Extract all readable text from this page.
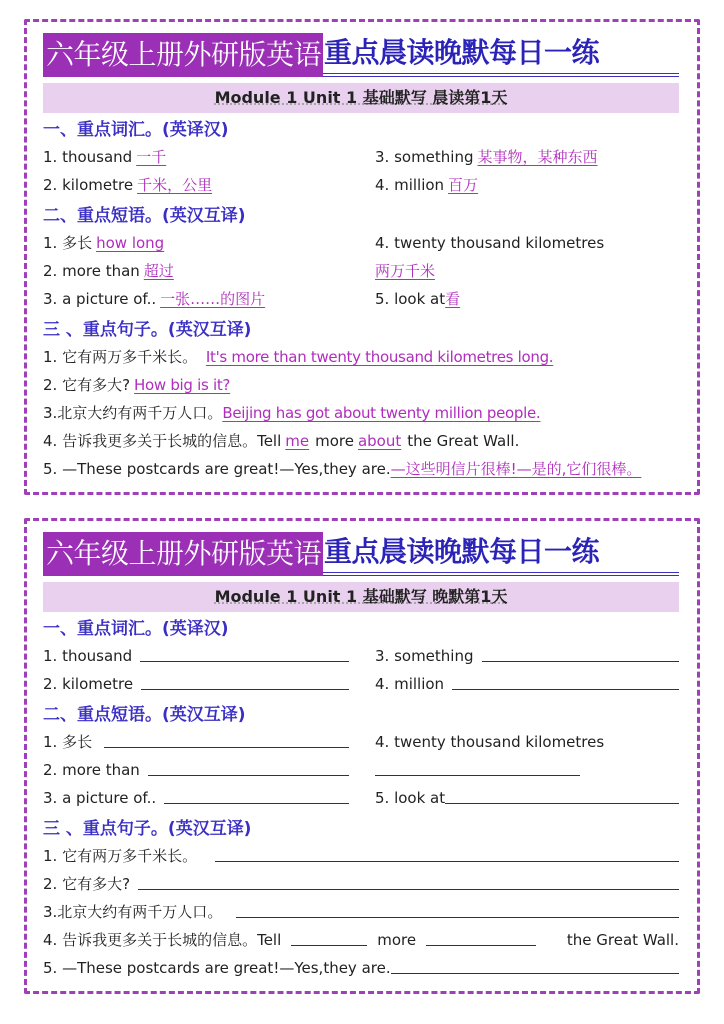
六年级上册外研版英语 重点晨读晚默每日一练
Module 1 Unit 1 基础默写 晨读第1天
一、重点词汇。(英译汉)
1. thousand 一千	3. something 某事物，某种东西
2. kilometre 千米，公里	4. million 百万
二、重点短语。(英汉互译)
1. 多长 how long	4. twenty thousand kilometres
2. more than 超过	两万千米
3. a picture of.. 一张……的图片	5. look at看
三 、重点句子。(英汉互译)
1. 它有两万多千米长。
It's more than twenty thousand kilometres long.
2. 它有多大? How big is it?
3.北京大约有两千万人口。 Beijing has got about twenty million people.
4. 告诉我更多关于长城的信息。Tell me more about the Great Wall.
5. —These postcards are great!—Yes,they are. —这些明信片很棒!—是的,它们很棒。
六年级上册外研版英语 重点晨读晚默每日一练
Module 1 Unit 1 基础默写 晚默第1天
一、重点词汇。(英译汉)
1. thousand	3. something
2. kilometre	4. million
二、重点短语。(英汉互译)
1. 多长	4. twenty thousand kilometres
2. more than
3. a picture of..	5. look at
三 、重点句子。(英汉互译)
1. 它有两万多千米长。
2. 它有多大?
3.北京大约有两千万人口。
4. 告诉我更多关于长城的信息。Tell	more	the Great Wall.
5. —These postcards are great!—Yes,they are.
